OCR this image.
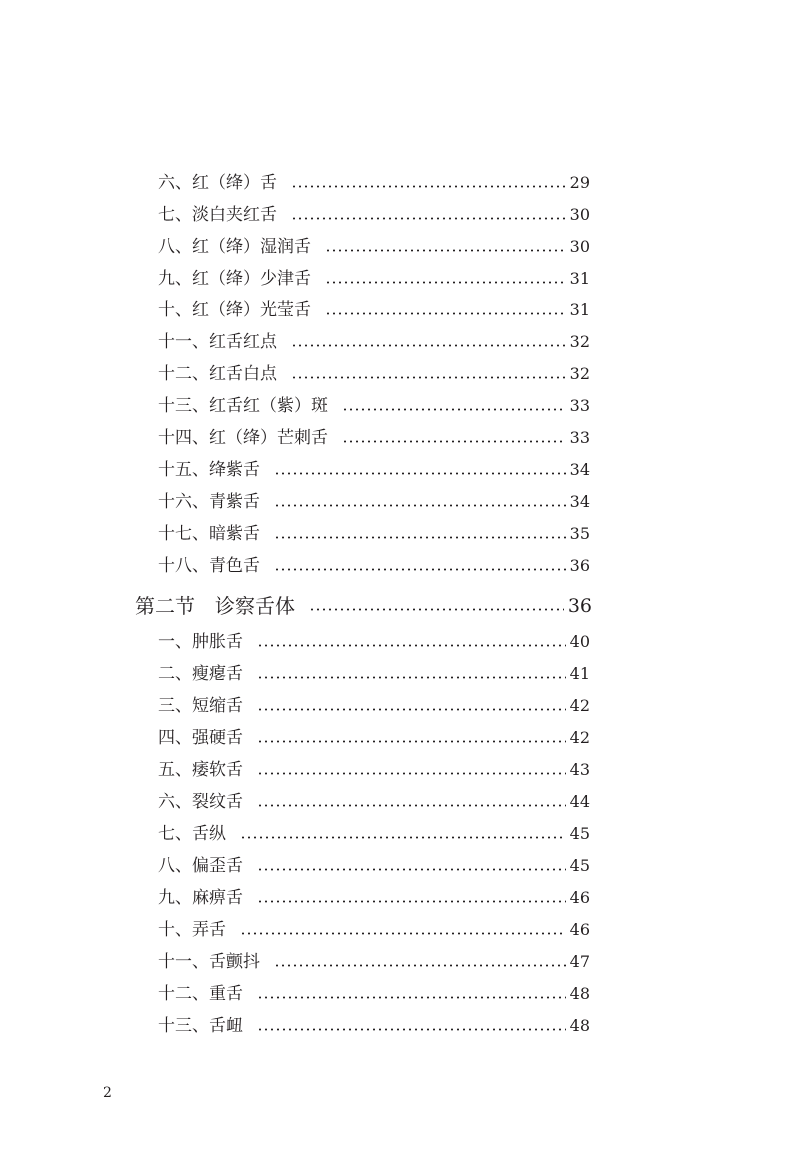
六、红（绛）舌	29
七、淡白夹红舌	30
八、红（绛）湿润舌	30
九、红（绛）少津舌	31
十、红（绛）光莹舌	31
十一、红舌红点	32
十二、红舌白点	32
十三、红舌红（紫）斑	33
十四、红（绛）芒刺舌	33
十五、绛紫舌	34
十六、青紫舌	34
十七、暗紫舌	35
十八、青色舌	36
第二节　诊察舌体	36
一、肿胀舌	40
二、瘦瘪舌	41
三、短缩舌	42
四、强硬舌	42
五、痿软舌	43
六、裂纹舌	44
七、舌纵	45
八、偏歪舌	45
九、麻痹舌	46
十、弄舌	46
十一、舌颤抖	47
十二、重舌	48
十三、舌衄	48
2
